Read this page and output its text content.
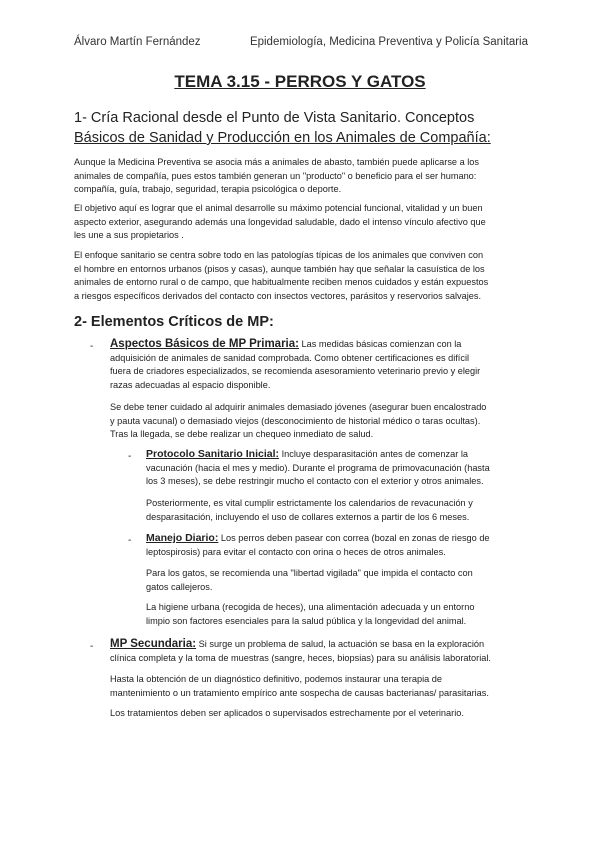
Álvaro Martín Fernández	Epidemiología, Medicina Preventiva y Policía Sanitaria
TEMA 3.15 - PERROS Y GATOS
1- Cría Racional desde el Punto de Vista Sanitario. Conceptos
Básicos de Sanidad y Producción en los Animales de Compañía:
Aunque la Medicina Preventiva se asocia más a animales de abasto, también puede aplicarse a los
animales de compañía, pues estos también generan un "producto" o beneficio para el ser humano:
compañía, guía, trabajo, seguridad, terapia psicológica o deporte.
El objetivo aquí es lograr que el animal desarrolle su máximo potencial funcional, vitalidad y un buen
aspecto exterior, asegurando además una longevidad saludable, dado el intenso vínculo afectivo que
les une a sus propietarios .
El enfoque sanitario se centra sobre todo en las patologías típicas de los animales que conviven con
el hombre en entornos urbanos (pisos y casas), aunque también hay que señalar la casuística de los
animales de entorno rural o de campo, que habitualmente reciben menos cuidados y están expuestos
a riesgos específicos derivados del contacto con insectos vectores, parásitos y reservorios salvajes.
2- Elementos Críticos de MP:
- Aspectos Básicos de MP Primaria: Las medidas básicas comienzan con la
adquisición de animales de sanidad comprobada. Como obtener certificaciones es difícil
fuera de criadores especializados, se recomienda asesoramiento veterinario previo y elegir
razas adecuadas al espacio disponible.
Se debe tener cuidado al adquirir animales demasiado jóvenes (asegurar buen encalostrado
y pauta vacunal) o demasiado viejos (desconocimiento de historial médico o taras ocultas).
Tras la llegada, se debe realizar un chequeo inmediato de salud.
- Protocolo Sanitario Inicial: Incluye desparasitación antes de comenzar la
vacunación (hacia el mes y medio). Durante el programa de primovacunación (hasta
los 3 meses), se debe restringir mucho el contacto con el exterior y otros animales.
Posteriormente, es vital cumplir estrictamente los calendarios de revacunación y
desparasitación, incluyendo el uso de collares externos a partir de los 6 meses.
- Manejo Diario: Los perros deben pasear con correa (bozal en zonas de riesgo de
leptospirosis) para evitar el contacto con orina o heces de otros animales.
Para los gatos, se recomienda una "libertad vigilada" que impida el contacto con
gatos callejeros.
La higiene urbana (recogida de heces), una alimentación adecuada y un entorno
limpio son factores esenciales para la salud pública y la longevidad del animal.
- MP Secundaria: Si surge un problema de salud, la actuación se basa en la exploración
clínica completa y la toma de muestras (sangre, heces, biopsias) para su análisis laboratorial.
Hasta la obtención de un diagnóstico definitivo, podemos instaurar una terapia de
mantenimiento o un tratamiento empírico ante sospecha de causas bacterianas/ parasitarias.
Los tratamientos deben ser aplicados o supervisados estrechamente por el veterinario.
